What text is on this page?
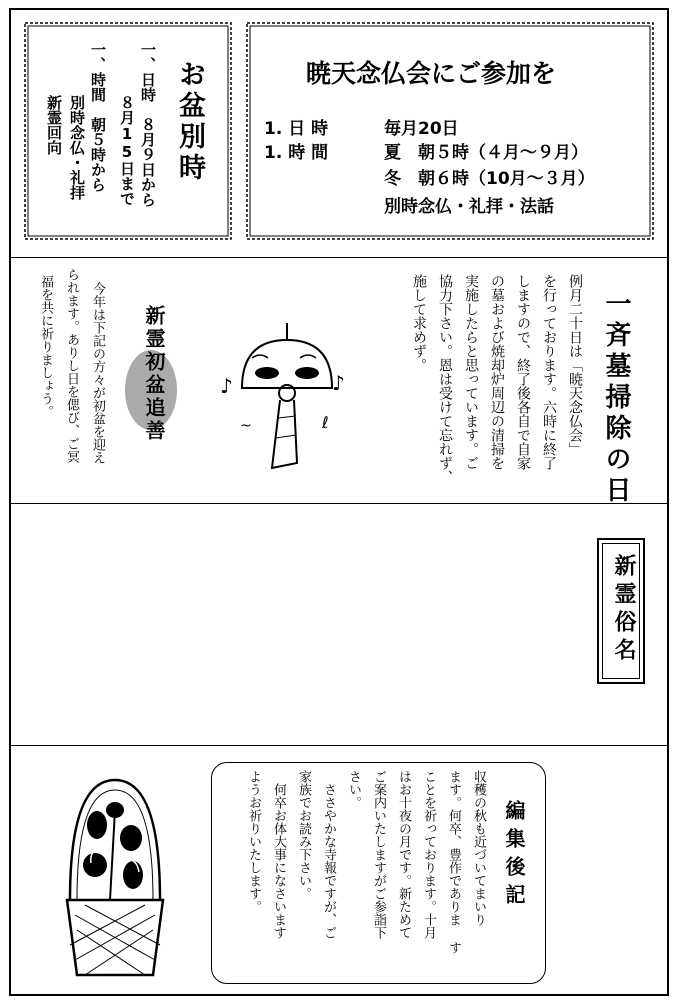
お盆別時
一、日時　８月９日から
８月15日まで
一、時間　朝５時から
別時念仏・礼拝
新霊回向
暁天念仏会にご参加を
1. 日 時	毎月20日
1. 時 間	夏　朝５時（４月～９月）
冬　朝６時（10月～３月）
別時念仏・礼拝・法話
一斉墓掃除の日
例月二十日は「暁天念仏会」
を行っております。六時に終了
しますので、終了後各自で自家
の墓および焼却炉周辺の清掃を
実施したらと思っています。ご
協力下さい。恩は受けて忘れず、
施して求めず。
♪	♪
~	ℓ
新霊初盆追善
今年は下記の方々が初盆を迎え
られます。ありし日を偲び、ご冥
福を共に祈りましょう。
新霊俗名
編集後記
収穫の秋も近づいてまいり
ます。何卒、豊作でありま す
ことを祈っております。十月
はお十夜の月です。新ためて
ご案内いたしますがご参詣下
さい。
ささやかな寺報ですが、ご
家族でお読み下さい。
何卒お体大事になさいます
ようお祈りいたします。
